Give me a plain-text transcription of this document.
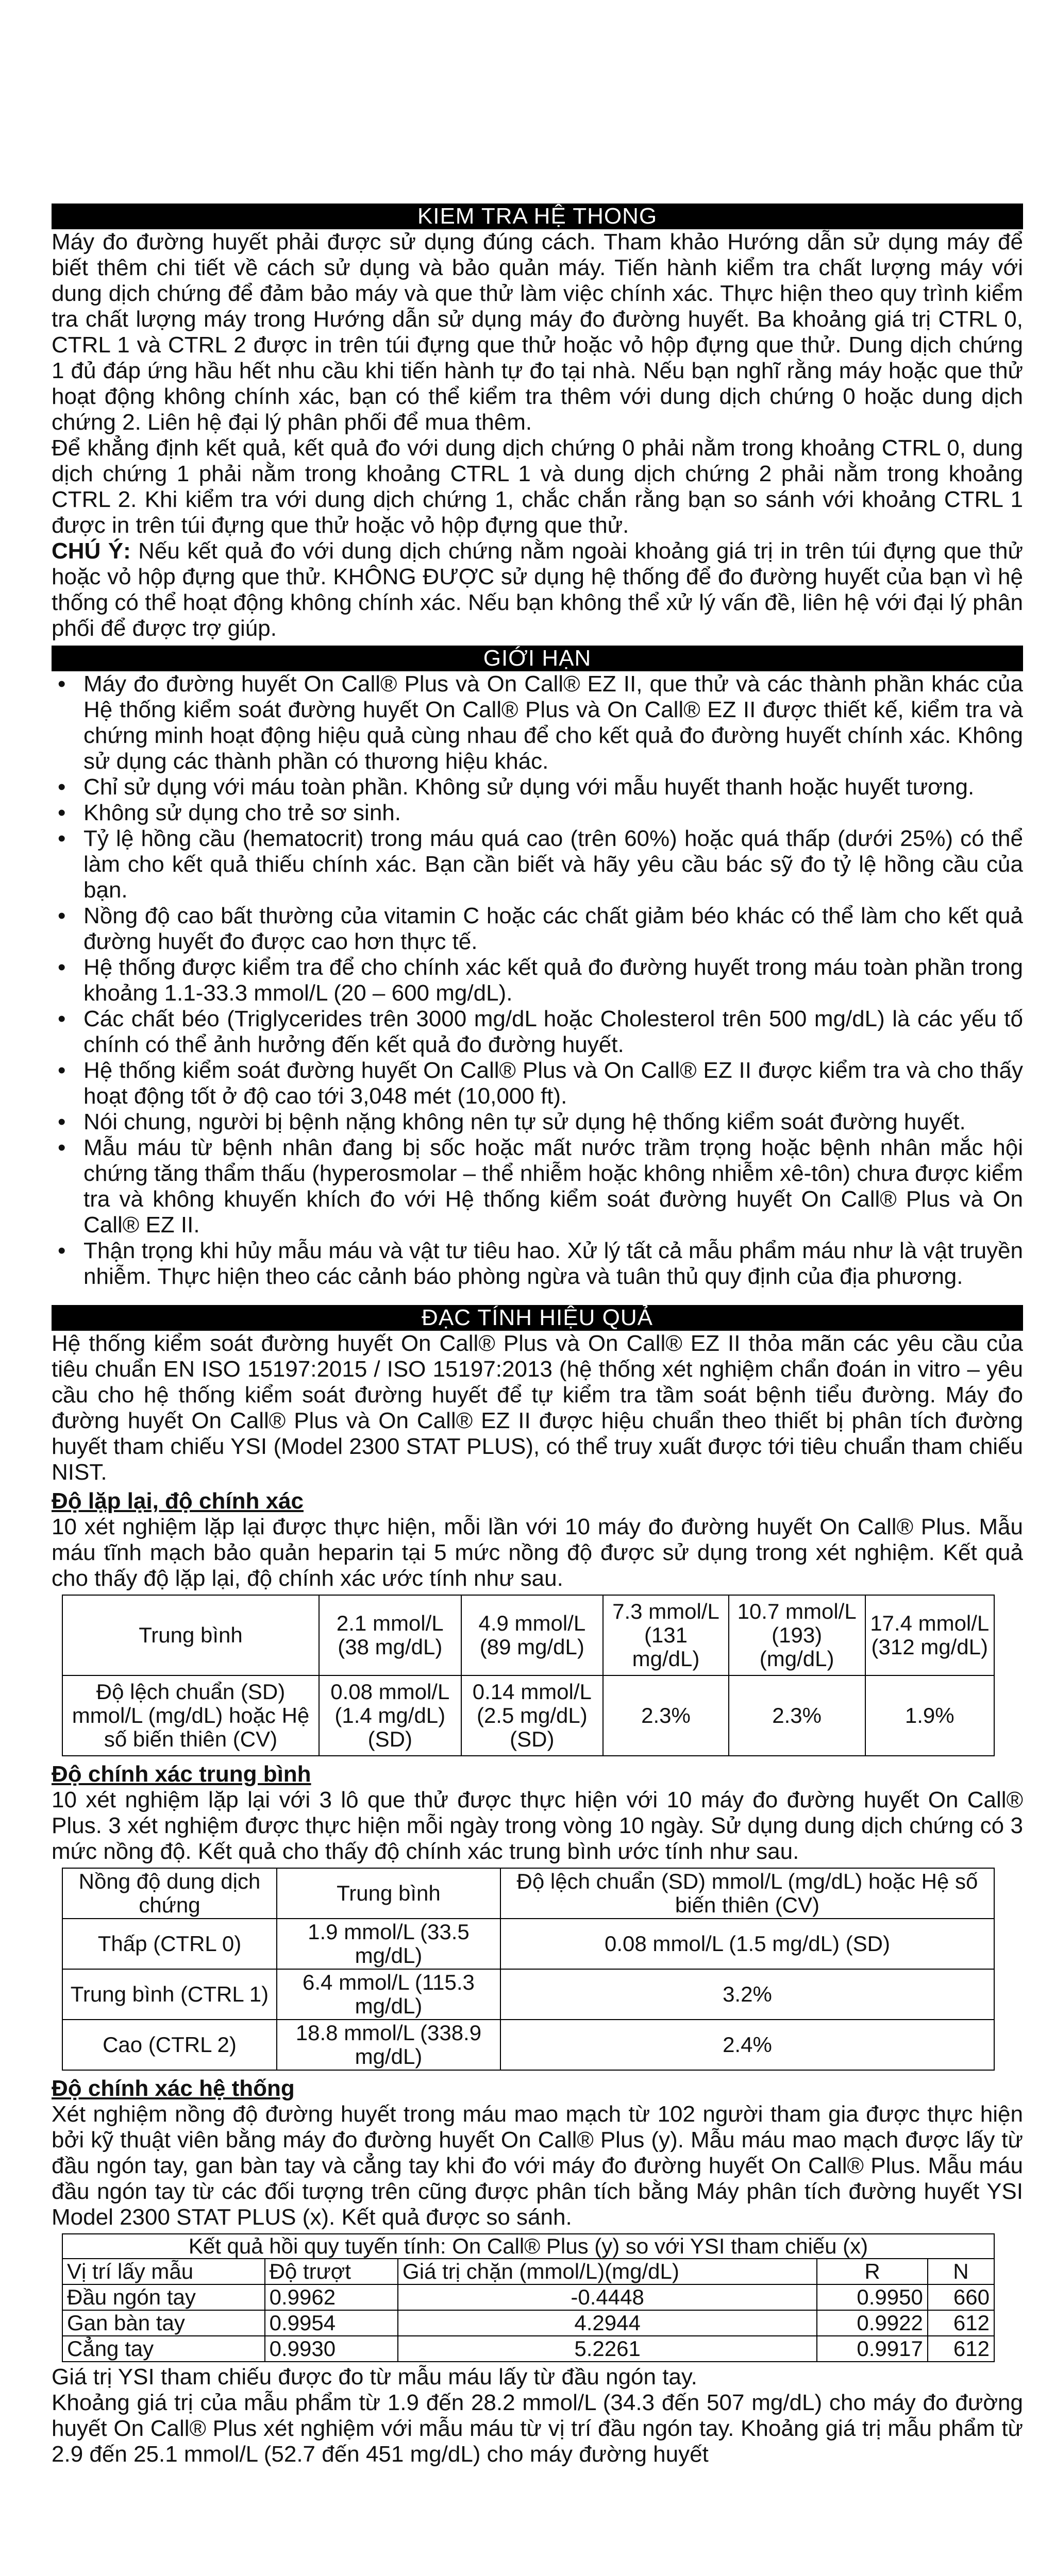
KIEM TRA HỆ THONG

Máy đo đường huyết phải được sử dụng đúng cách. Tham khảo Hướng dẫn sử dụng máy để biết thêm chi tiết về cách sử dụng và bảo quản máy. Tiến hành kiểm tra chất lượng máy với dung dịch chứng để đảm bảo máy và que thử làm việc chính xác. Thực hiện theo quy trình kiểm tra chất lượng máy trong Hướng dẫn sử dụng máy đo đường huyết. Ba khoảng giá trị CTRL 0, CTRL 1 và CTRL 2 được in trên túi đựng que thử hoặc vỏ hộp đựng que thử. Dung dịch chứng 1 đủ đáp ứng hầu hết nhu cầu khi tiến hành tự đo tại nhà. Nếu bạn nghĩ rằng máy hoặc que thử hoạt động không chính xác, bạn có thể kiểm tra thêm với dung dịch chứng 0 hoặc dung dịch chứng 2. Liên hệ đại lý phân phối để mua thêm.

Để khẳng định kết quả, kết quả đo với dung dịch chứng 0 phải nằm trong khoảng CTRL 0, dung dịch chứng 1 phải nằm trong khoảng CTRL 1 và dung dịch chứng 2 phải nằm trong khoảng CTRL 2. Khi kiểm tra với dung dịch chứng 1, chắc chắn rằng bạn so sánh với khoảng CTRL 1 được in trên túi đựng que thử hoặc vỏ hộp đựng que thử.

CHÚ Ý: Nếu kết quả đo với dung dịch chứng nằm ngoài khoảng giá trị in trên túi đựng que thử hoặc vỏ hộp đựng que thử. KHÔNG ĐƯỢC sử dụng hệ thống để đo đường huyết của bạn vì hệ thống có thể hoạt động không chính xác. Nếu bạn không thể xử lý vấn đề, liên hệ với đại lý phân phối để được trợ giúp.

GIỚI HẠN
• Máy đo đường huyết On Call® Plus và On Call® EZ II, que thử và các thành phần khác của Hệ thống kiểm soát đường huyết On Call® Plus và On Call® EZ II được thiết kế, kiểm tra và chứng minh hoạt động hiệu quả cùng nhau để cho kết quả đo đường huyết chính xác. Không sử dụng các thành phần có thương hiệu khác.
• Chỉ sử dụng với máu toàn phần. Không sử dụng với mẫu huyết thanh hoặc huyết tương.
• Không sử dụng cho trẻ sơ sinh.
• Tỷ lệ hồng cầu (hematocrit) trong máu quá cao (trên 60%) hoặc quá thấp (dưới 25%) có thể làm cho kết quả thiếu chính xác. Bạn cần biết và hãy yêu cầu bác sỹ đo tỷ lệ hồng cầu của bạn.
• Nồng độ cao bất thường của vitamin C hoặc các chất giảm béo khác có thể làm cho kết quả đường huyết đo được cao hơn thực tế.
• Hệ thống được kiểm tra để cho chính xác kết quả đo đường huyết trong máu toàn phần trong khoảng 1.1-33.3 mmol/L (20 – 600 mg/dL).
• Các chất béo (Triglycerides trên 3000 mg/dL hoặc Cholesterol trên 500 mg/dL) là các yếu tố chính có thể ảnh hưởng đến kết quả đo đường huyết.
• Hệ thống kiểm soát đường huyết On Call® Plus và On Call® EZ II được kiểm tra và cho thấy hoạt động tốt ở độ cao tới 3,048 mét (10,000 ft).
• Nói chung, người bị bệnh nặng không nên tự sử dụng hệ thống kiểm soát đường huyết.
• Mẫu máu từ bệnh nhân đang bị sốc hoặc mất nước trầm trọng hoặc bệnh nhân mắc hội chứng tăng thẩm thấu (hyperosmolar – thể nhiễm hoặc không nhiễm xê-tôn) chưa được kiểm tra và không khuyến khích đo với Hệ thống kiểm soát đường huyết On Call® Plus và On Call® EZ II.
• Thận trọng khi hủy mẫu máu và vật tư tiêu hao. Xử lý tất cả mẫu phẩm máu như là vật truyền nhiễm. Thực hiện theo các cảnh báo phòng ngừa và tuân thủ quy định của địa phương.
ĐẠC TÍNH HIỆU QUẢ

Hệ thống kiểm soát đường huyết On Call® Plus và On Call® EZ II thỏa mãn các yêu cầu của tiêu chuẩn EN ISO 15197:2015 / ISO 15197:2013 (hệ thống xét nghiệm chẩn đoán in vitro – yêu cầu cho hệ thống kiểm soát đường huyết để tự kiểm tra tầm soát bệnh tiểu đường. Máy đo đường huyết On Call® Plus và On Call® EZ II được hiệu chuẩn theo thiết bị phân tích đường huyết tham chiếu YSI (Model 2300 STAT PLUS), có thể truy xuất được tới tiêu chuẩn tham chiếu NIST.

Độ lặp lại, độ chính xác

10 xét nghiệm lặp lại được thực hiện, mỗi lần với 10 máy đo đường huyết On Call® Plus. Mẫu máu tĩnh mạch bảo quản heparin tại 5 mức nồng độ được sử dụng trong xét nghiệm. Kết quả cho thấy độ lặp lại, độ chính xác ước tính như sau.

Trung bình	2.1 mmol/L (38 mg/dL)	4.9 mmol/L (89 mg/dL)	7.3 mmol/L (131 mg/dL)	10.7 mmol/L (193) (mg/dL)	17.4 mmol/L (312 mg/dL)
Độ lệch chuẩn (SD) mmol/L (mg/dL) hoặc Hệ số biến thiên (CV)	0.08 mmol/L (1.4 mg/dL) (SD)	0.14 mmol/L (2.5 mg/dL) (SD)	2.3%	2.3%	1.9%
Độ chính xác trung bình

10 xét nghiệm lặp lại với 3 lô que thử được thực hiện với 10 máy đo đường huyết On Call® Plus. 3 xét nghiệm được thực hiện mỗi ngày trong vòng 10 ngày. Sử dụng dung dịch chứng có 3 mức nồng độ. Kết quả cho thấy độ chính xác trung bình ước tính như sau.

Nồng độ dung dịch chứng	Trung bình	Độ lệch chuẩn (SD) mmol/L (mg/dL) hoặc Hệ số biến thiên (CV)
Thấp (CTRL 0)	1.9 mmol/L (33.5 mg/dL)	0.08 mmol/L (1.5 mg/dL) (SD)
Trung bình (CTRL 1)	6.4 mmol/L (115.3 mg/dL)	3.2%
Cao (CTRL 2)	18.8 mmol/L (338.9 mg/dL)	2.4%
Độ chính xác hệ thống

Xét nghiệm nồng độ đường huyết trong máu mao mạch từ 102 người tham gia được thực hiện bởi kỹ thuật viên bằng máy đo đường huyết On Call® Plus (y). Mẫu máu mao mạch được lấy từ đầu ngón tay, gan bàn tay và cẳng tay khi đo với máy đo đường huyết On Call® Plus. Mẫu máu đầu ngón tay từ các đối tượng trên cũng được phân tích bằng Máy phân tích đường huyết YSI Model 2300 STAT PLUS (x). Kết quả được so sánh.

Kết quả hồi quy tuyến tính: On Call® Plus (y) so với YSI tham chiếu (x)
Vị trí lấy mẫu	Độ trượt	Giá trị chặn (mmol/L)(mg/dL)	R	N
Đầu ngón tay	0.9962	-0.4448	0.9950	660
Gan bàn tay	0.9954	4.2944	0.9922	612
Cẳng tay	0.9930	5.2261	0.9917	612

Giá trị YSI tham chiếu được đo từ mẫu máu lấy từ đầu ngón tay.

Khoảng giá trị của mẫu phẩm từ 1.9 đến 28.2 mmol/L (34.3 đến 507 mg/dL) cho máy đo đường huyết On Call® Plus xét nghiệm với mẫu máu từ vị trí đầu ngón tay. Khoảng giá trị mẫu phẩm từ 2.9 đến 25.1 mmol/L (52.7 đến 451 mg/dL) cho máy đường huyết
